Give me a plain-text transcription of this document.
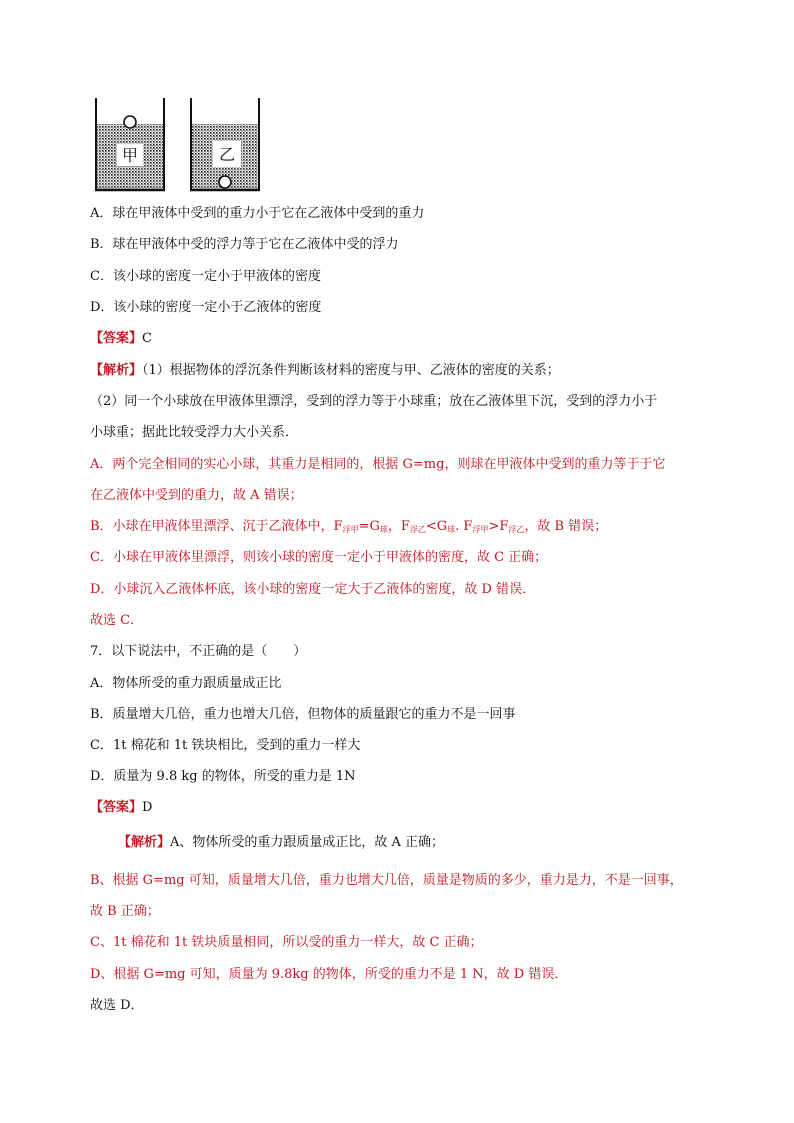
甲	乙
A．球在甲液体中受到的重力小于它在乙液体中受到的重力
B．球在甲液体中受的浮力等于它在乙液体中受的浮力
C．该小球的密度一定小于甲液体的密度
D．该小球的密度一定小于乙液体的密度
【答案】C
【解析】（1）根据物体的浮沉条件判断该材料的密度与甲、乙液体的密度的关系；
（2）同一个小球放在甲液体里漂浮，受到的浮力等于小球重；放在乙液体里下沉，受到的浮力小于
小球重；据此比较受浮力大小关系．
A．两个完全相同的实心小球，其重力是相同的，根据 G=mg，则球在甲液体中受到的重力等于于它
在乙液体中受到的重力，故 A 错误；
B．小球在甲液体里漂浮、沉于乙液体中，$F_{浮甲}=G_球$，$F_{浮乙}<G_球$. $F_{浮甲}>F_{浮乙}$，故 B 错误；
C．小球在甲液体里漂浮，则该小球的密度一定小于甲液体的密度，故 C 正确；
D．小球沉入乙液体杯底，该小球的密度一定大于乙液体的密度，故 D 错误．
故选 C．
7．以下说法中，不正确的是（　　）
A．物体所受的重力跟质量成正比
B．质量增大几倍，重力也增大几倍，但物体的质量跟它的重力不是一回事
C．1t 棉花和 1t 铁块相比，受到的重力一样大
D．质量为 9.8 kg 的物体，所受的重力是 1N
【答案】D
【解析】A、物体所受的重力跟质量成正比，故 A 正确；
B、根据 G=mg 可知，质量增大几倍，重力也增大几倍，质量是物质的多少，重力是力，不是一回事，
故 B 正确；
C、1t 棉花和 1t 铁块质量相同，所以受的重力一样大，故 C 正确；
D、根据 G=mg 可知，质量为 9.8kg 的物体，所受的重力不是 1 N，故 D 错误．
故选 D．
